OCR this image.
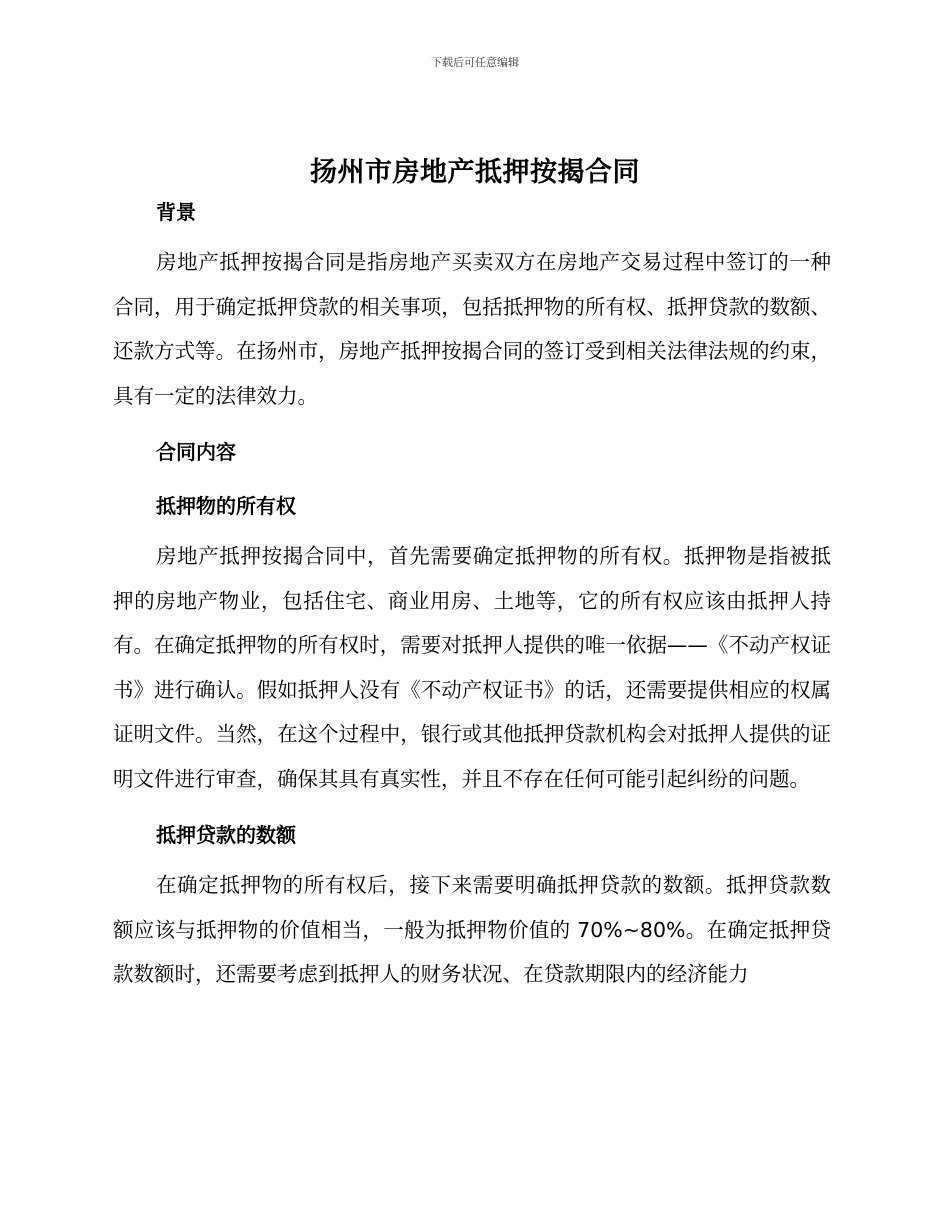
下载后可任意编辑
扬州市房地产抵押按揭合同

背景

房地产抵押按揭合同是指房地产买卖双方在房地产交易过程中签订的一种合同，用于确定抵押贷款的相关事项，包括抵押物的所有权、抵押贷款的数额、还款方式等。在扬州市，房地产抵押按揭合同的签订受到相关法律法规的约束，具有一定的法律效力。

合同内容

抵押物的所有权

房地产抵押按揭合同中，首先需要确定抵押物的所有权。抵押物是指被抵押的房地产物业，包括住宅、商业用房、土地等，它的所有权应该由抵押人持有。在确定抵押物的所有权时，需要对抵押人提供的唯一依据——《不动产权证书》进行确认。假如抵押人没有《不动产权证书》的话，还需要提供相应的权属证明文件。当然，在这个过程中，银行或其他抵押贷款机构会对抵押人提供的证明文件进行审查，确保其具有真实性，并且不存在任何可能引起纠纷的问题。

抵押贷款的数额

在确定抵押物的所有权后，接下来需要明确抵押贷款的数额。抵押贷款数额应该与抵押物的价值相当，一般为抵押物价值的 70%~80%。在确定抵押贷款数额时，还需要考虑到抵押人的财务状况、在贷款期限内的经济能力
